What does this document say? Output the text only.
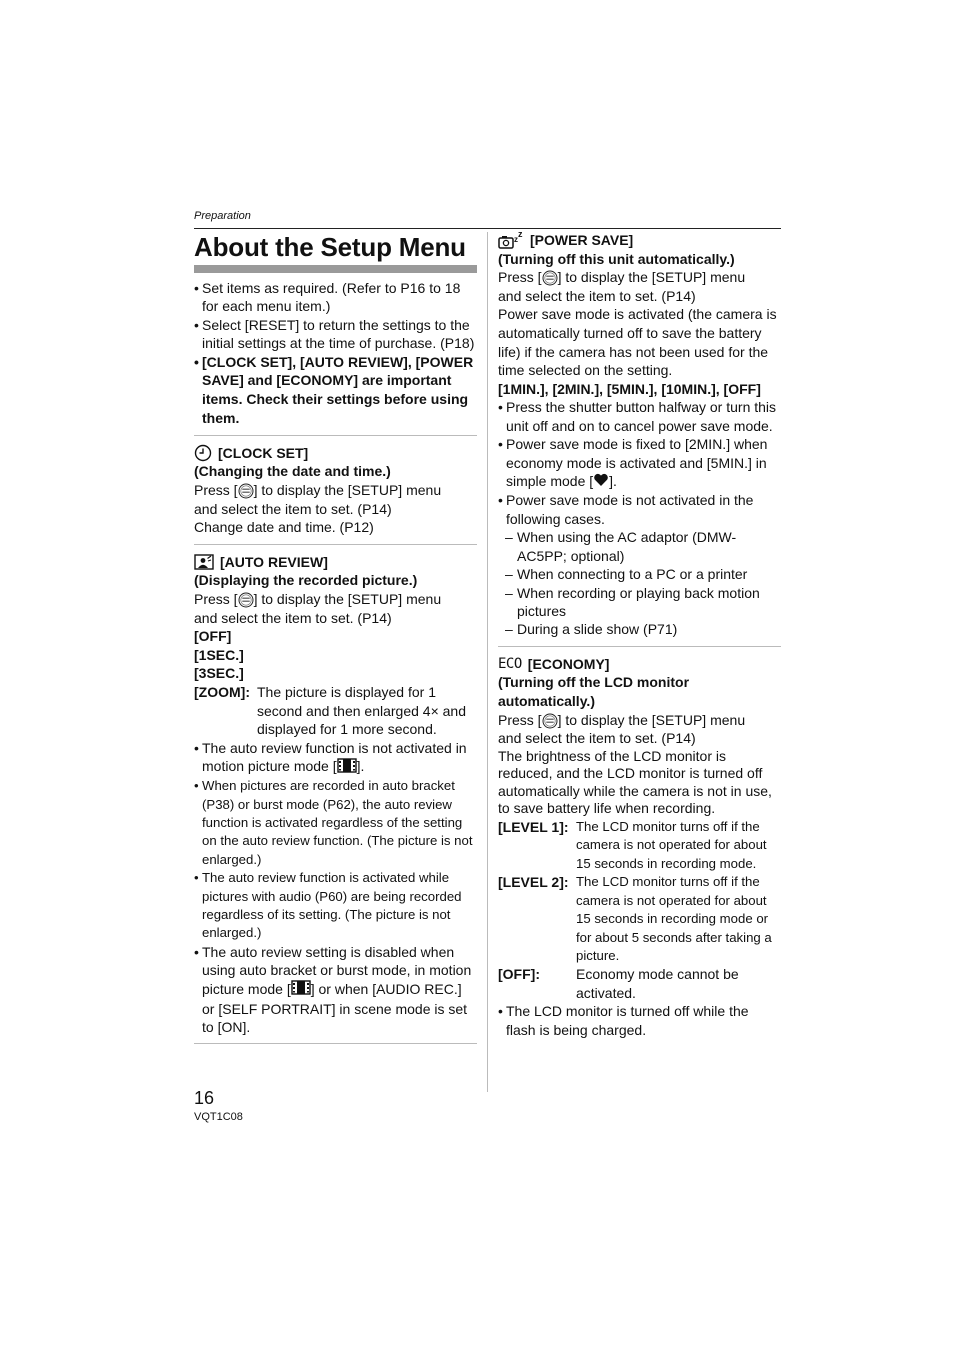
Preparation
About the Setup Menu
• Set items as required. (Refer to P16 to 18 for each menu item.)
• Select [RESET] to return the settings to the initial settings at the time of purchase. (P18)
• [CLOCK SET], [AUTO REVIEW], [POWER SAVE] and [ECONOMY] are important items. Check their settings before using them.
[CLOCK SET]
(Changing the date and time.)
Press [ ] to display the [SETUP] menu
and select the item to set. (P14)
Change date and time. (P12)
[AUTO REVIEW]
(Displaying the recorded picture.)
Press [ ] to display the [SETUP] menu
and select the item to set. (P14)
[OFF]
[1SEC.]
[3SEC.]
[ZOOM]: The picture is displayed for 1 second and then enlarged 4× and displayed for 1 more second.
• The auto review function is not activated in motion picture mode [ ].
• When pictures are recorded in auto bracket (P38) or burst mode (P62), the auto review function is activated regardless of the setting on the auto review function. (The picture is not enlarged.)
• The auto review function is activated while pictures with audio (P60) are being recorded regardless of its setting. (The picture is not enlarged.)
• The auto review setting is disabled when using auto bracket or burst mode, in motion picture mode [ ] or when [AUDIO REC.] or [SELF PORTRAIT] in scene mode is set to [ON].
z
z [POWER SAVE]
(Turning off this unit automatically.)
Press [ ] to display the [SETUP] menu
and select the item to set. (P14)
Power save mode is activated (the camera is automatically turned off to save the battery life) if the camera has not been used for the time selected on the setting.
[1MIN.], [2MIN.], [5MIN.], [10MIN.], [OFF]
• Press the shutter button halfway or turn this unit off and on to cancel power save mode.
• Power save mode is fixed to [2MIN.] when economy mode is activated and [5MIN.] in simple mode [ ].
• Power save mode is not activated in the following cases.
– When using the AC adaptor (DMW-AC5PP; optional)
– When connecting to a PC or a printer
– When recording or playing back motion pictures
– During a slide show (P71)
ECO [ECONOMY]
(Turning off the LCD monitor automatically.)
Press [ ] to display the [SETUP] menu
and select the item to set. (P14)
The brightness of the LCD monitor is reduced, and the LCD monitor is turned off automatically while the camera is not in use, to save battery life when recording.
[LEVEL 1]: The LCD monitor turns off if the camera is not operated for about 15 seconds in recording mode.
[LEVEL 2]: The LCD monitor turns off if the camera is not operated for about 15 seconds in recording mode or for about 5 seconds after taking a picture.
[OFF]:	Economy mode cannot be activated.
• The LCD monitor is turned off while the flash is being charged.
16
VQT1C08
